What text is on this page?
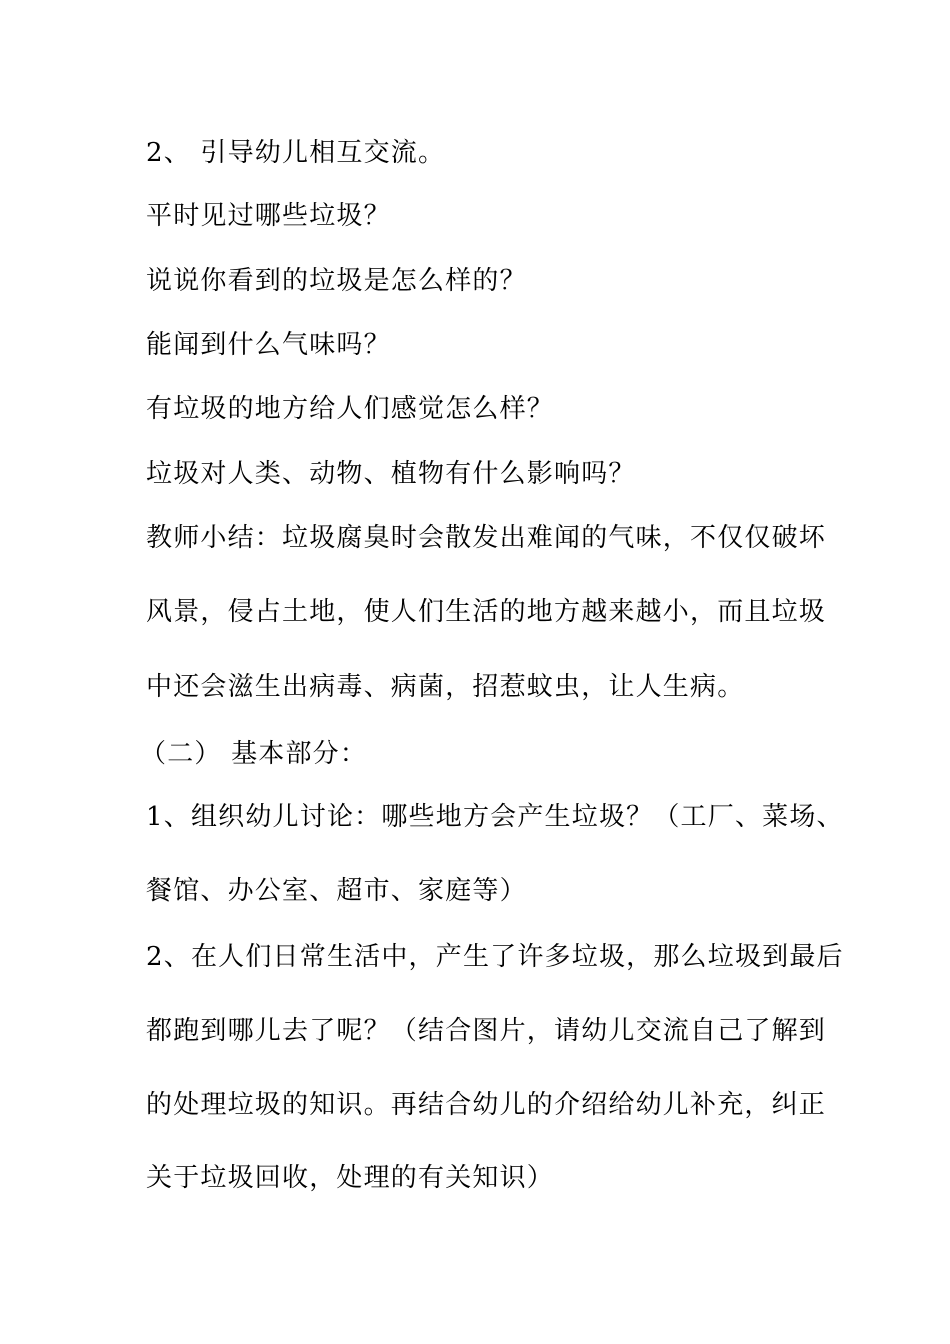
2、 引导幼儿相互交流。
平时见过哪些垃圾？
说说你看到的垃圾是怎么样的？
能闻到什么气味吗？
有垃圾的地方给人们感觉怎么样？
垃圾对人类、动物、植物有什么影响吗？
教师小结：垃圾腐臭时会散发出难闻的气味，不仅仅破坏
风景，侵占土地，使人们生活的地方越来越小，而且垃圾
中还会滋生出病毒、病菌，招惹蚊虫，让人生病。
（二） 基本部分：
1、组织幼儿讨论：哪些地方会产生垃圾？（工厂、菜场、
餐馆、办公室、超市、家庭等）
2、在人们日常生活中，产生了许多垃圾，那么垃圾到最后
都跑到哪儿去了呢？（结合图片，请幼儿交流自己了解到
的处理垃圾的知识。再结合幼儿的介绍给幼儿补充，纠正
关于垃圾回收，处理的有关知识）
